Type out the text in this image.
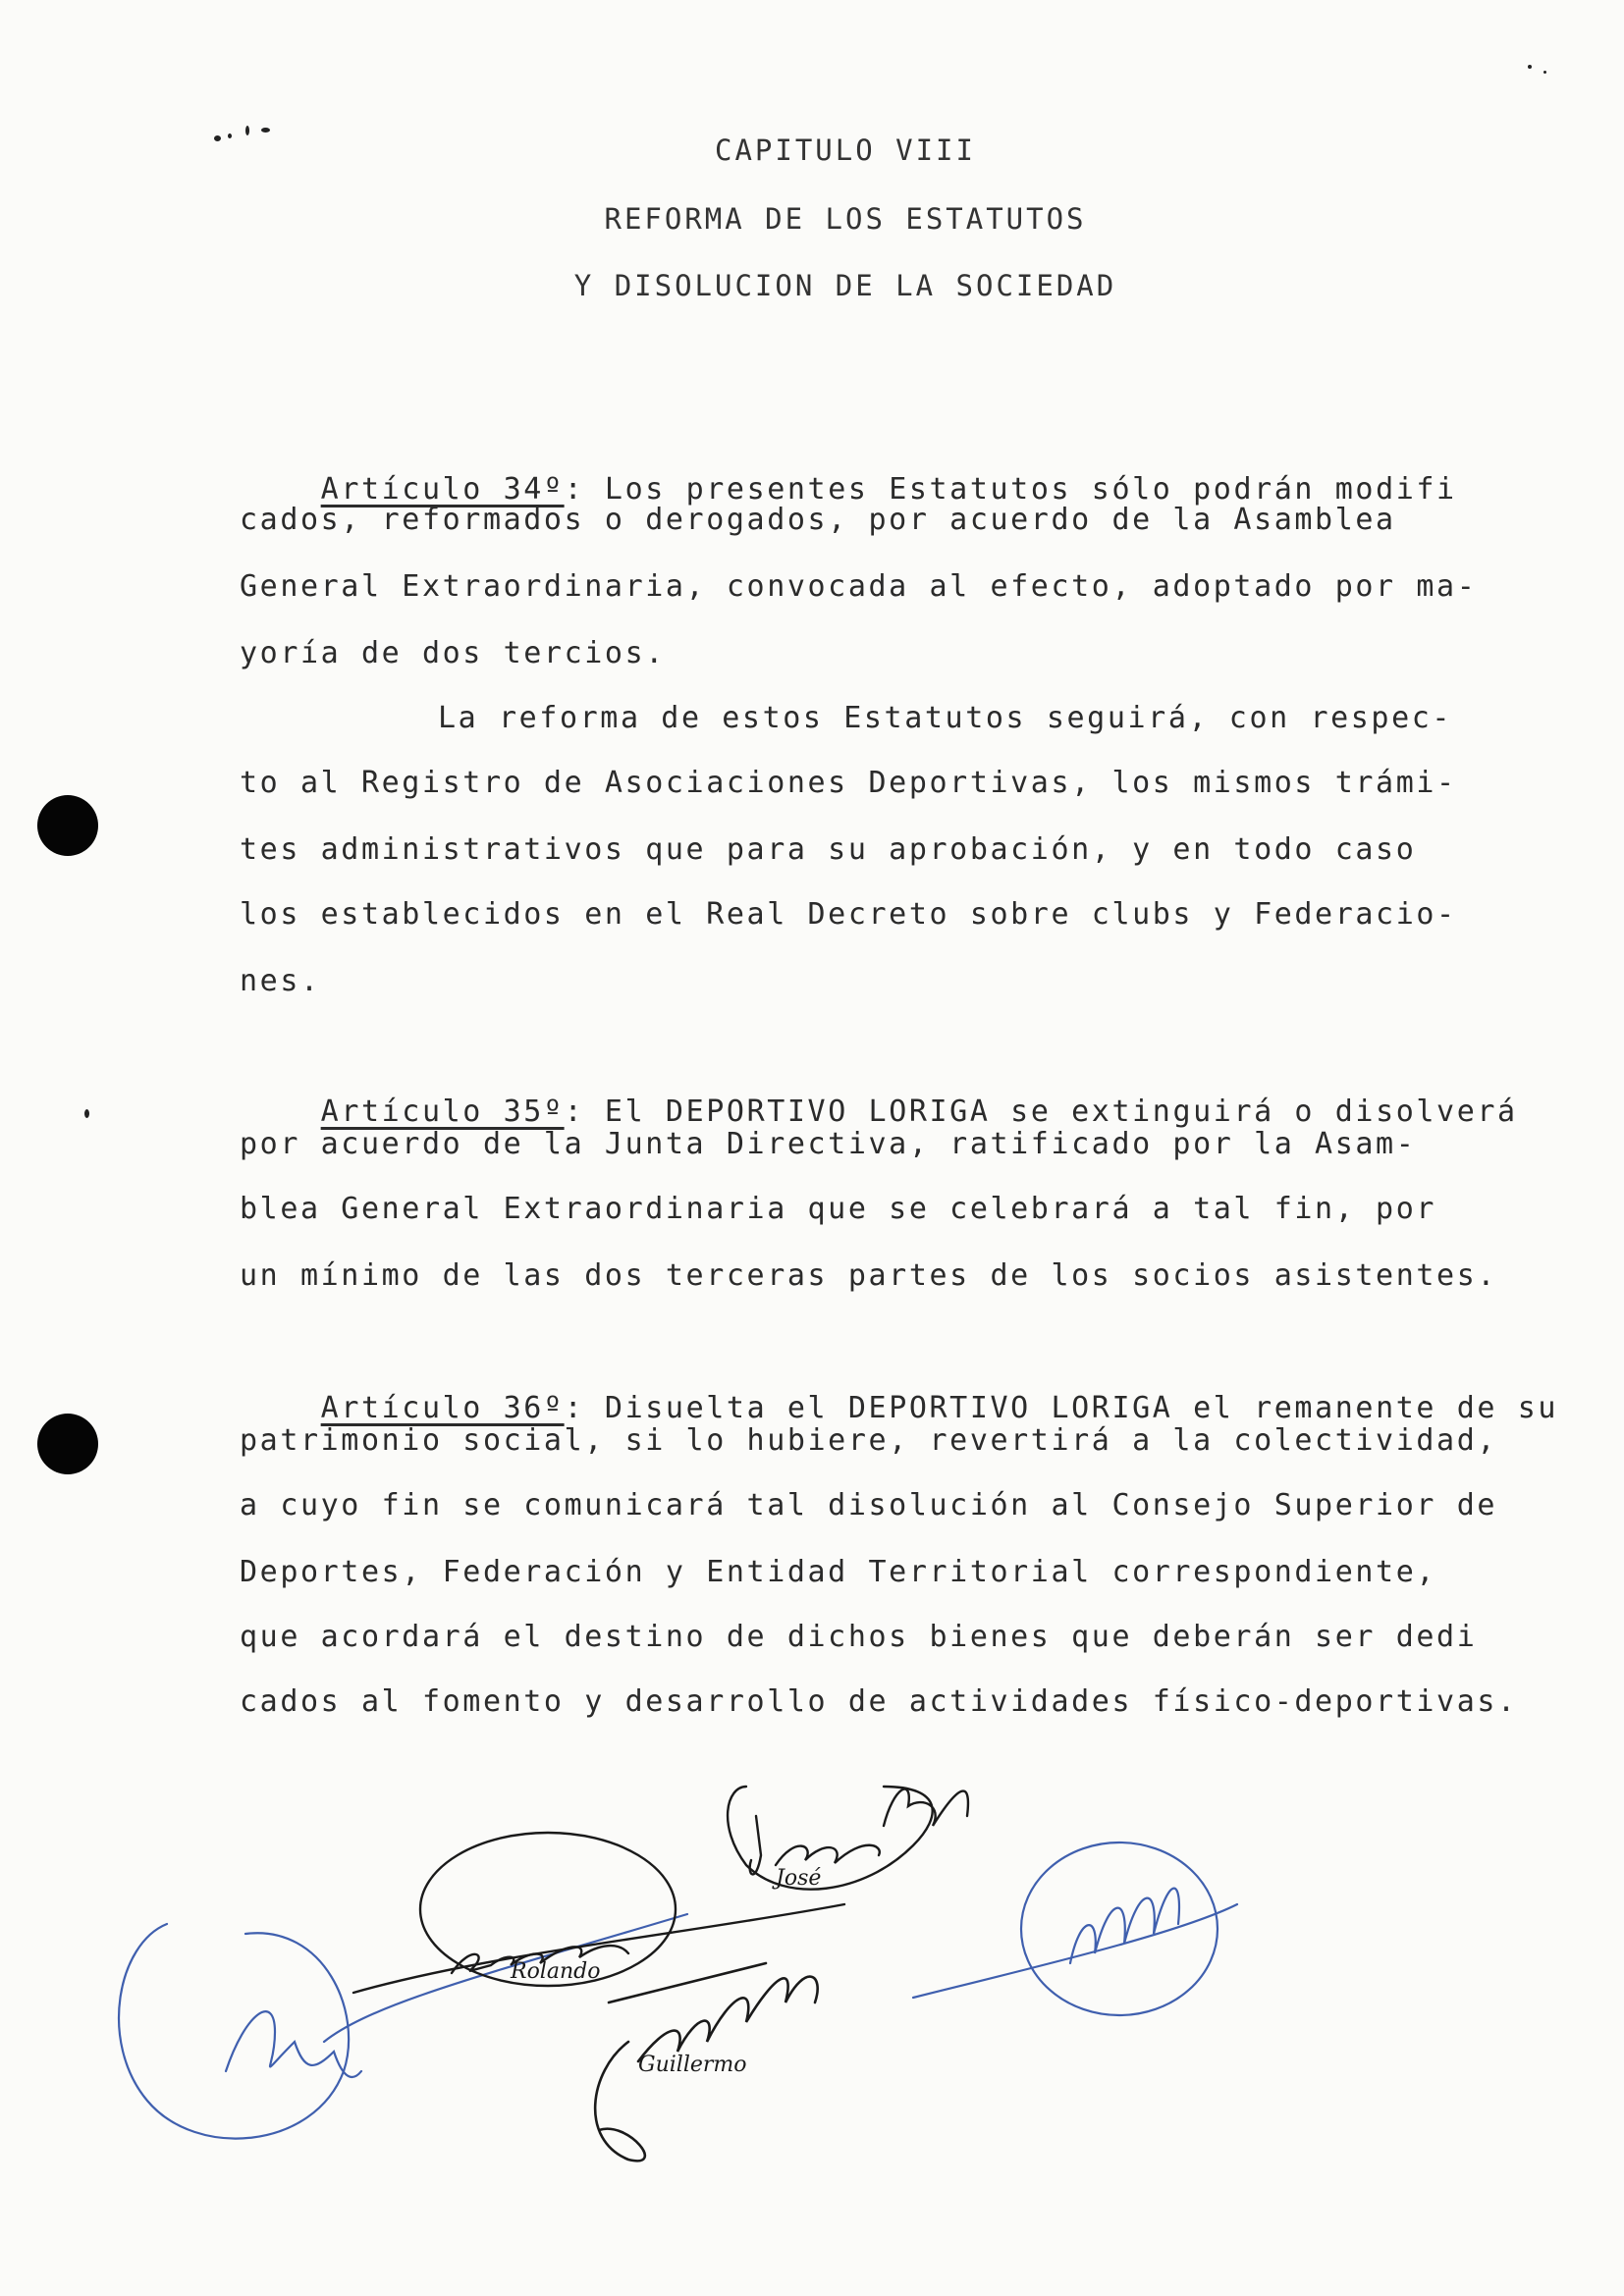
CAPITULO VIII
REFORMA DE LOS ESTATUTOS
Y DISOLUCION DE LA SOCIEDAD

Artículo 34º: Los presentes Estatutos sólo podrán modifi

cados, reformados o derogados, por acuerdo de la Asamblea
General Extraordinaria, convocada al efecto, adoptado por ma-
yoría de dos tercios.
La reforma de estos Estatutos seguirá, con respec-
to al Registro de Asociaciones Deportivas, los mismos trámi-
tes administrativos que para su aprobación, y en todo caso
los establecidos en el Real Decreto sobre clubs y Federacio-
nes.

Artículo 35º: El DEPORTIVO LORIGA se extinguirá o disolverá

por acuerdo de la Junta Directiva, ratificado por la Asam-
blea General Extraordinaria que se celebrará a tal fin, por
un mínimo de las dos terceras partes de los socios asistentes.

Artículo 36º: Disuelta el DEPORTIVO LORIGA el remanente de su

patrimonio social, si lo hubiere, revertirá a la colectividad,
a cuyo fin se comunicará tal disolución al Consejo Superior de
Deportes, Federación y Entidad Territorial correspondiente,
que acordará el destino de dichos bienes que deberán ser dedi
cados al fomento y desarrollo de actividades físico-deportivas.
Rolando
José
Guillermo
